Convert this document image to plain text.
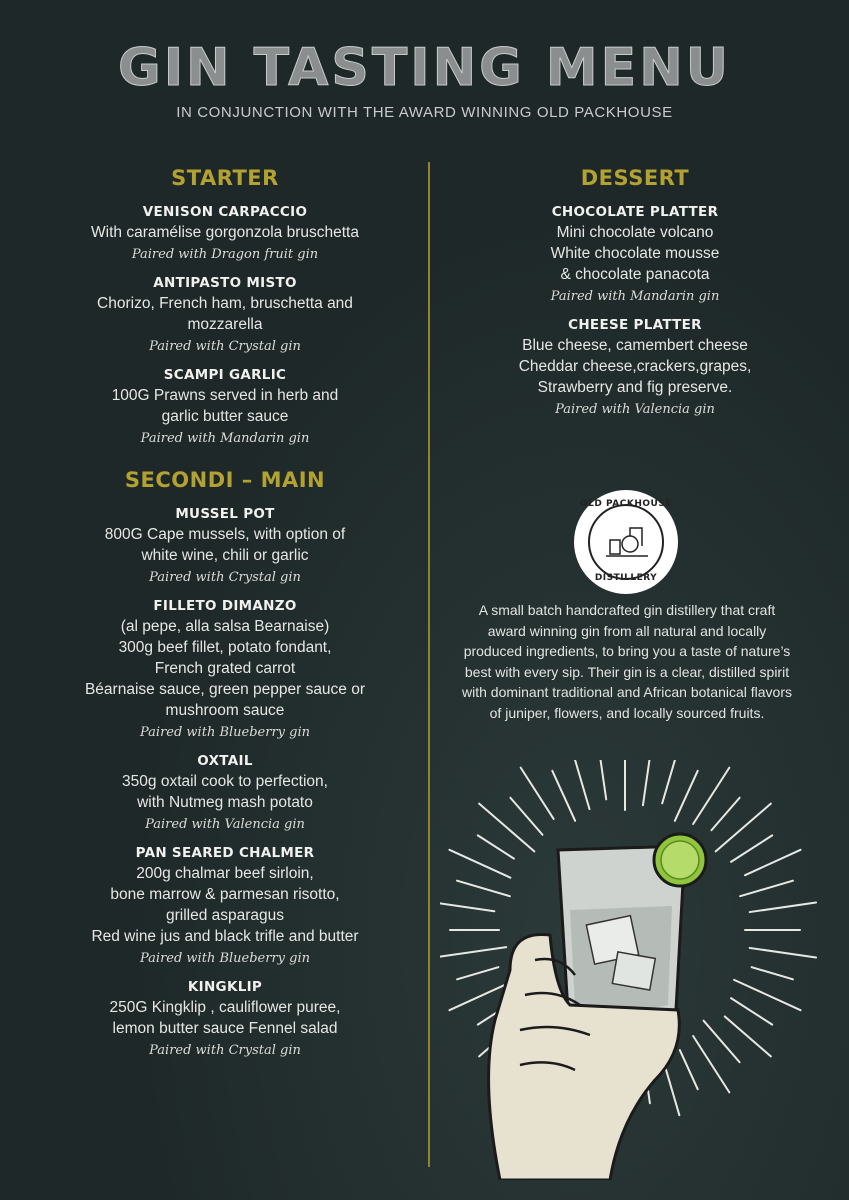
GIN TASTING MENU
IN CONJUNCTION WITH THE AWARD WINNING OLD PACKHOUSE
STARTER
VENISON CARPACCIO
With caramélise gorgonzola bruschetta
Paired with Dragon fruit gin
ANTIPASTO MISTO
Chorizo, French ham, bruschetta and
mozzarella
Paired with Crystal gin
SCAMPI GARLIC
100G Prawns served in herb and
garlic butter sauce
Paired with Mandarin gin
SECONDI – MAIN
MUSSEL POT
800G Cape mussels, with option of
white wine, chili or garlic
Paired with Crystal gin
FILLETO DIMANZO
(al pepe, alla salsa Bearnaise)
300g beef fillet, potato fondant,
French grated carrot
Béarnaise sauce, green pepper sauce or
mushroom sauce
Paired with Blueberry gin
OXTAIL
350g oxtail cook to perfection,
with Nutmeg mash potato
Paired with Valencia gin
PAN SEARED CHALMER
200g chalmar beef sirloin,
bone marrow & parmesan risotto,
grilled asparagus
Red wine jus and black trifle and butter
Paired with Blueberry gin
KINGKLIP
250G Kingklip , cauliflower puree,
lemon butter sauce Fennel salad
Paired with Crystal gin
DESSERT
CHOCOLATE PLATTER
Mini chocolate volcano
White chocolate mousse
& chocolate panacota
Paired with Mandarin gin
CHEESE PLATTER
Blue cheese, camembert cheese
Cheddar cheese,crackers,grapes,
Strawberry and fig preserve.
Paired with Valencia gin
OLD PACKHOUSE
DISTILLERY
A small batch handcrafted gin distillery that craft award winning gin from all natural and locally produced ingredients, to bring you a taste of nature’s best with every sip. Their gin is a clear, distilled spirit with dominant traditional and African botanical flavors of juniper, flowers, and locally sourced fruits.
